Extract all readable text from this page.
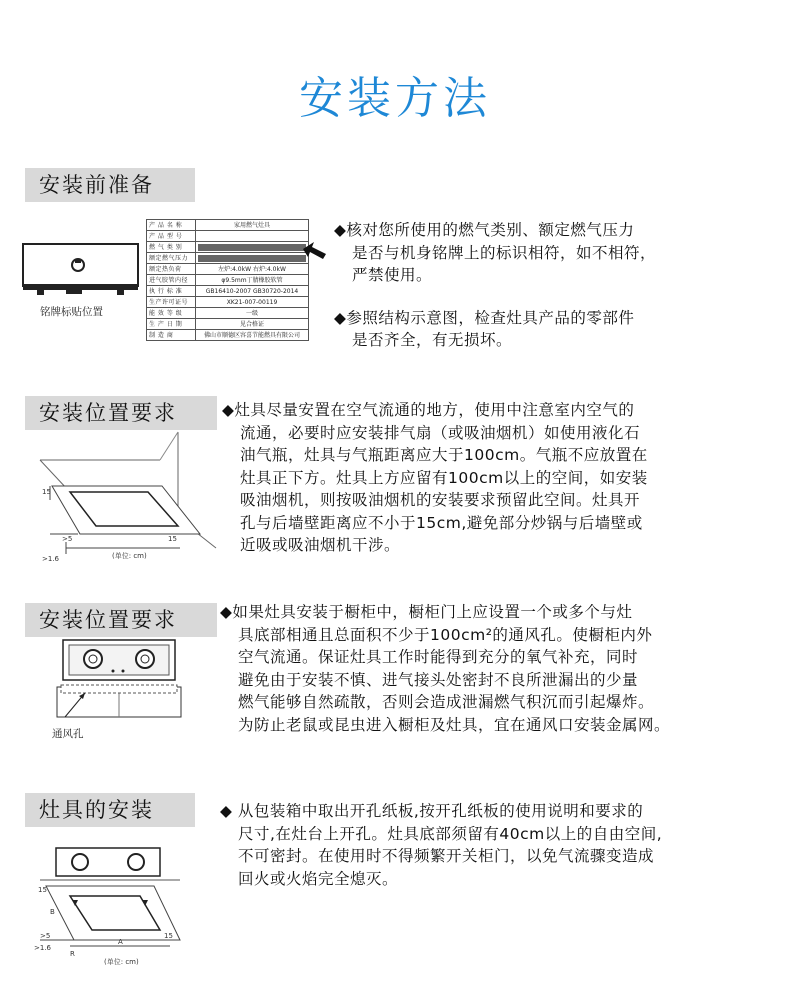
安装方法
安装前准备
铭牌标贴位置
产 品 名 称	家用燃气灶具
产 品 型 号	
燃 气 类 别	

额定燃气压力	

额定热负荷	左炉:4.0kW 右炉:4.0kW
进气胶管内径	φ9.5mm丁腈橡胶软管
执 行 标 准	GB16410-2007 GB30720-2014
生产许可证号	XK21-007-00119
能 效 等 级	一级
生 产 日 期	见合格证
制 造 商	佛山市顺德区容喜节能燃具有限公司
◆核对您所使用的燃气类别、额定燃气压力
是否与机身铭牌上的标识相符，如不相符，
严禁使用。
◆参照结构示意图，检查灶具产品的零部件
是否齐全，有无损坏。
安装位置要求
15
>5
>1.6
15
(单位: cm)
◆灶具尽量安置在空气流通的地方，使用中注意室内空气的
流通，必要时应安装排气扇（或吸油烟机）如使用液化石
油气瓶，灶具与气瓶距离应大于100cm。气瓶不应放置在
灶具正下方。灶具上方应留有100cm以上的空间，如安装
吸油烟机，则按吸油烟机的安装要求预留此空间。灶具开
孔与后墙壁距离应不小于15cm,避免部分炒锅与后墙壁或
近吸或吸油烟机干涉。
安装位置要求
通风孔
◆如果灶具安装于橱柜中，橱柜门上应设置一个或多个与灶
具底部相通且总面积不少于100cm²的通风孔。使橱柜内外
空气流通。保证灶具工作时能得到充分的氧气补充，同时
避免由于安装不慎、进气接头处密封不良所泄漏出的少量
燃气能够自然疏散，否则会造成泄漏燃气积沉而引起爆炸。
为防止老鼠或昆虫进入橱柜及灶具，宜在通风口安装金属网。
灶具的安装
15
B
>5
>1.6
R
A
15
(单位: cm)
◆ 从包装箱中取出开孔纸板,按开孔纸板的使用说明和要求的
尺寸,在灶台上开孔。灶具底部须留有40cm以上的自由空间,
不可密封。在使用时不得频繁开关柜门，以免气流骤变造成
回火或火焰完全熄灭。
